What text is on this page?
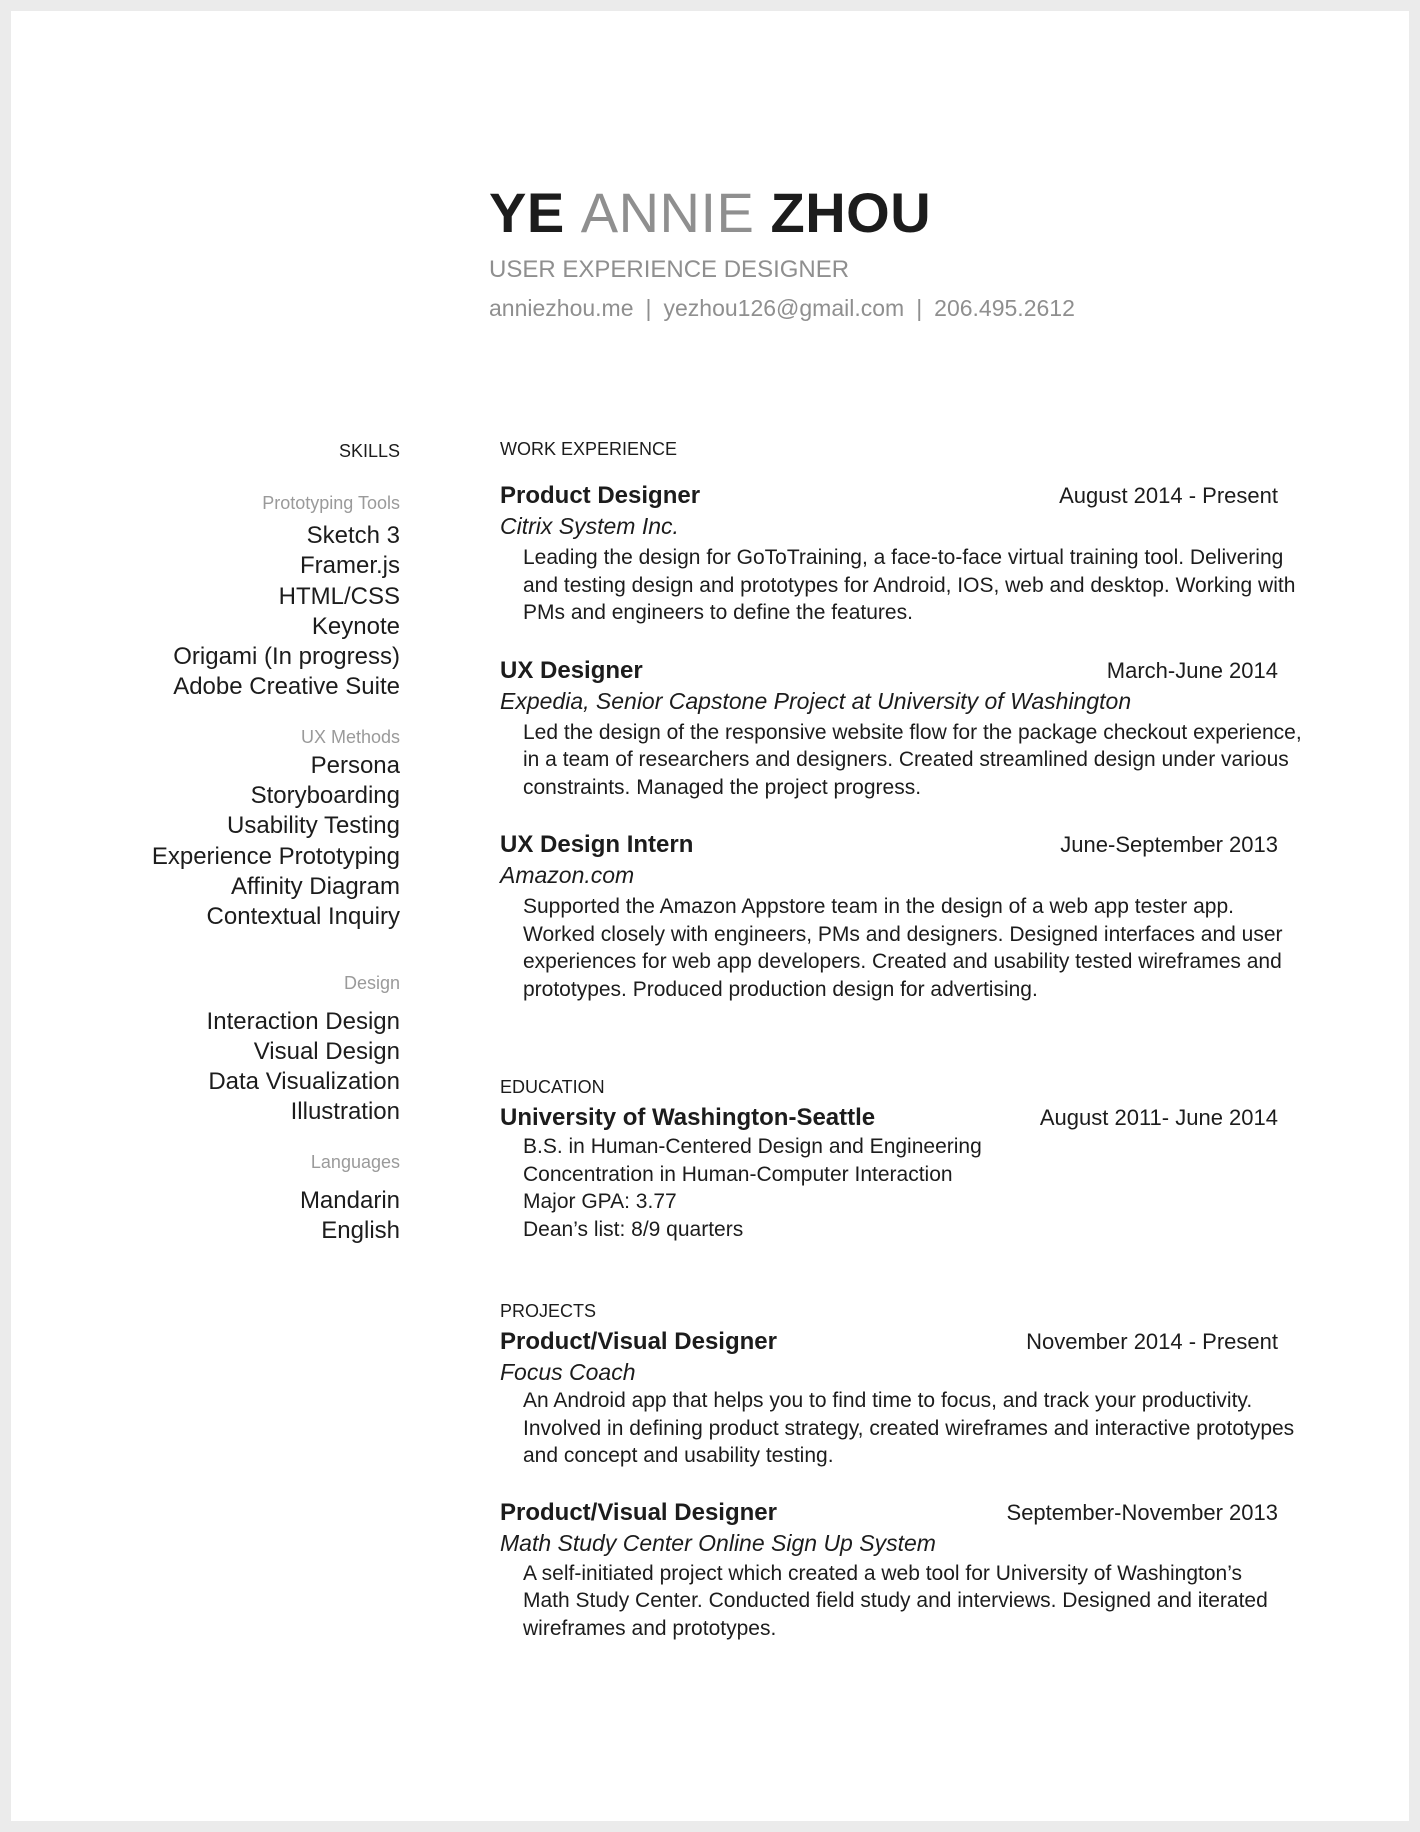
YE ANNIE ZHOU
USER EXPERIENCE DESIGNER
anniezhou.me | yezhou126@gmail.com | 206.495.2612
SKILLS
Prototyping Tools
Sketch 3
Framer.js
HTML/CSS
Keynote
Origami (In progress)
Adobe Creative Suite
UX Methods
Persona
Storyboarding
Usability Testing
Experience Prototyping
Affinity Diagram
Contextual Inquiry
Design
Interaction Design
Visual Design
Data Visualization
Illustration
Languages
Mandarin
English
WORK EXPERIENCE
Product Designer	August 2014 - Present
Citrix System Inc.
Leading the design for GoToTraining, a face-to-face virtual training tool. Delivering
and testing design and prototypes for Android, IOS, web and desktop. Working with
PMs and engineers to define the features.
UX Designer	March-June 2014
Expedia, Senior Capstone Project at University of Washington
Led the design of the responsive website flow for the package checkout experience,
in a team of researchers and designers. Created streamlined design under various
constraints. Managed the project progress.
UX Design Intern	June-September 2013
Amazon.com
Supported the Amazon Appstore team in the design of a web app tester app.
Worked closely with engineers, PMs and designers. Designed interfaces and user
experiences for web app developers. Created and usability tested wireframes and
prototypes. Produced production design for advertising.
EDUCATION
University of Washington-Seattle	August 2011- June 2014
B.S. in Human-Centered Design and Engineering
Concentration in Human-Computer Interaction
Major GPA: 3.77
Dean’s list: 8/9 quarters
PROJECTS
Product/Visual Designer	November 2014 - Present
Focus Coach
An Android app that helps you to find time to focus, and track your productivity.
Involved in defining product strategy, created wireframes and interactive prototypes
and concept and usability testing.
Product/Visual Designer	September-November 2013
Math Study Center Online Sign Up System
A self-initiated project which created a web tool for University of Washington’s
Math Study Center. Conducted field study and interviews. Designed and iterated
wireframes and prototypes.
